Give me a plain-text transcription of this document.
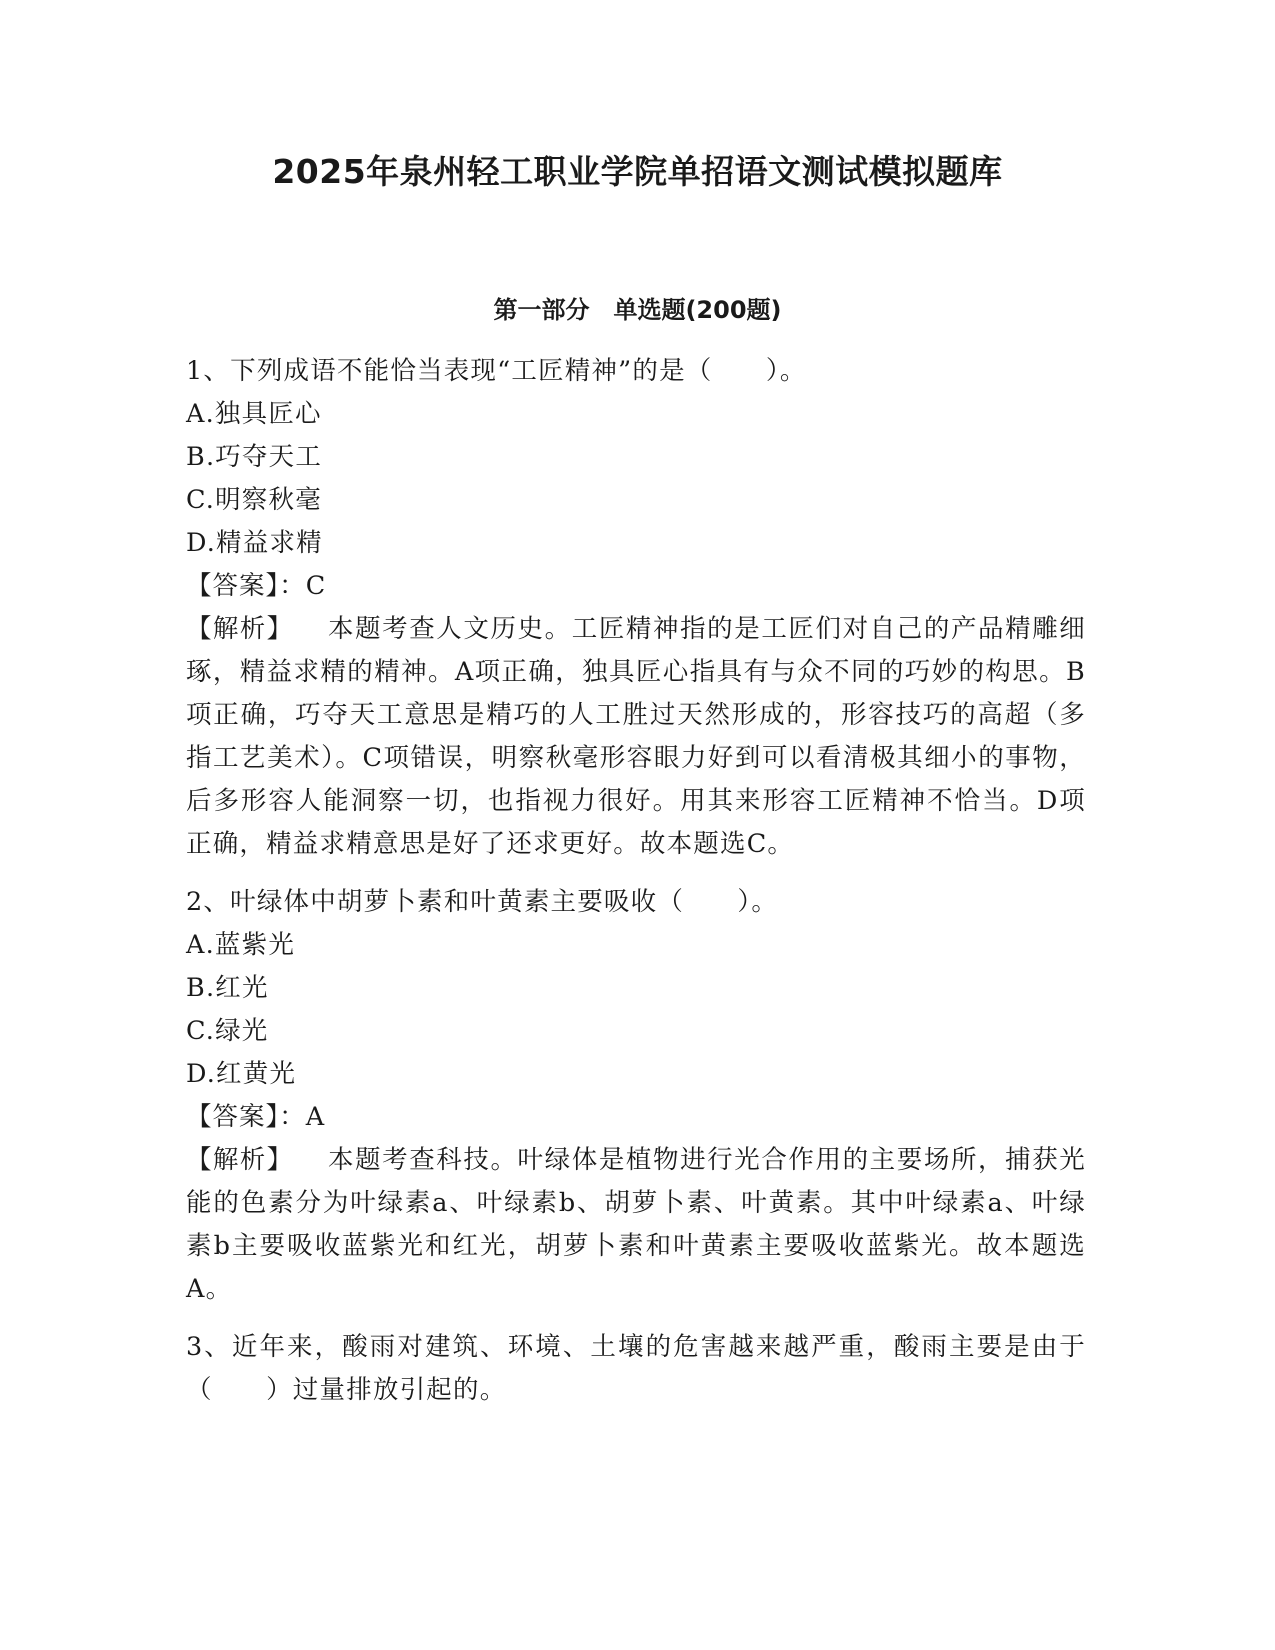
2025年泉州轻工职业学院单招语文测试模拟题库
第一部分　单选题(200题)

1、下列成语不能恰当表现“工匠精神”的是（　　）。

A.独具匠心

B.巧夺天工

C.明察秋毫

D.精益求精

【答案】：C

【解析】 本题考查人文历史。工匠精神指的是工匠们对自己的产品精雕细琢，精益求精的精神。A项正确，独具匠心指具有与众不同的巧妙的构思。B项正确，巧夺天工意思是精巧的人工胜过天然形成的，形容技巧的高超（多指工艺美术）。C项错误，明察秋毫形容眼力好到可以看清极其细小的事物，后多形容人能洞察一切，也指视力很好。用其来形容工匠精神不恰当。D项正确，精益求精意思是好了还求更好。故本题选C。

2、叶绿体中胡萝卜素和叶黄素主要吸收（　　）。

A.蓝紫光

B.红光

C.绿光

D.红黄光

【答案】：A

【解析】 本题考查科技。叶绿体是植物进行光合作用的主要场所，捕获光能的色素分为叶绿素a、叶绿素b、胡萝卜素、叶黄素。其中叶绿素a、叶绿素b主要吸收蓝紫光和红光，胡萝卜素和叶黄素主要吸收蓝紫光。故本题选A。

3、近年来，酸雨对建筑、环境、土壤的危害越来越严重，酸雨主要是由于（　　）过量排放引起的。
